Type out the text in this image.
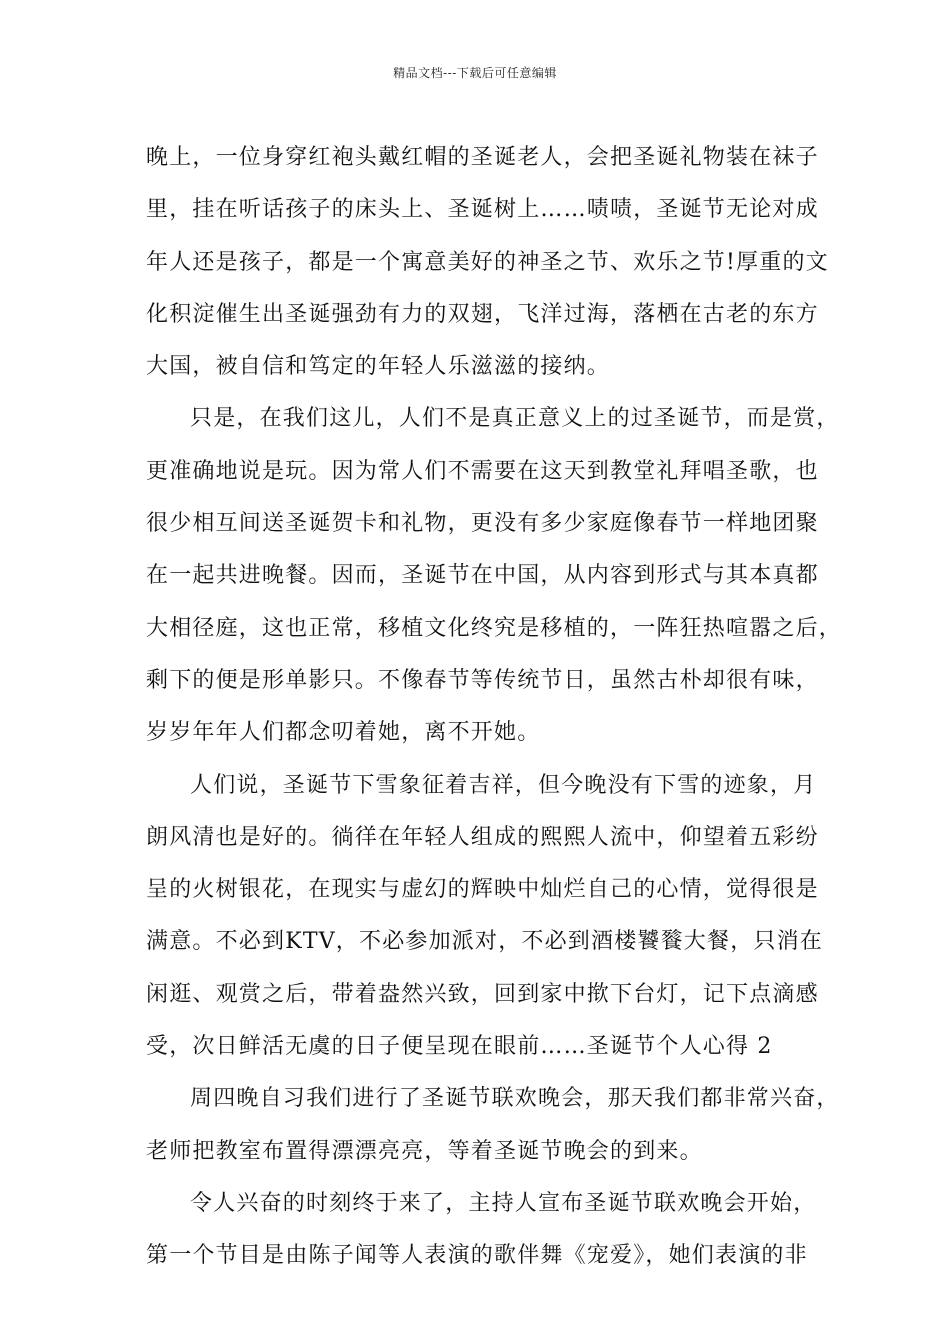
精品文档---下载后可任意编辑
晚上，一位身穿红袍头戴红帽的圣诞老人，会把圣诞礼物装在袜子
里，挂在听话孩子的床头上、圣诞树上……啧啧，圣诞节无论对成
年人还是孩子，都是一个寓意美好的神圣之节、欢乐之节!厚重的文
化积淀催生出圣诞强劲有力的双翅，飞洋过海，落栖在古老的东方
大国，被自信和笃定的年轻人乐滋滋的接纳。
只是，在我们这儿，人们不是真正意义上的过圣诞节，而是赏，
更准确地说是玩。因为常人们不需要在这天到教堂礼拜唱圣歌，也
很少相互间送圣诞贺卡和礼物，更没有多少家庭像春节一样地团聚
在一起共进晚餐。因而，圣诞节在中国，从内容到形式与其本真都
大相径庭，这也正常，移植文化终究是移植的，一阵狂热喧嚣之后，
剩下的便是形单影只。不像春节等传统节日，虽然古朴却很有味，
岁岁年年人们都念叨着她，离不开她。
人们说，圣诞节下雪象征着吉祥，但今晚没有下雪的迹象，月
朗风清也是好的。徜徉在年轻人组成的熙熙人流中，仰望着五彩纷
呈的火树银花，在现实与虚幻的辉映中灿烂自己的心情，觉得很是
满意。不必到KTV，不必参加派对，不必到酒楼饕餮大餐，只消在
闲逛、观赏之后，带着盎然兴致，回到家中揿下台灯，记下点滴感
受，次日鲜活无虞的日子便呈现在眼前……圣诞节个人心得 2
周四晚自习我们进行了圣诞节联欢晚会，那天我们都非常兴奋，
老师把教室布置得漂漂亮亮，等着圣诞节晚会的到来。
令人兴奋的时刻终于来了，主持人宣布圣诞节联欢晚会开始，
第一个节目是由陈子闻等人表演的歌伴舞《宠爱》，她们表演的非
